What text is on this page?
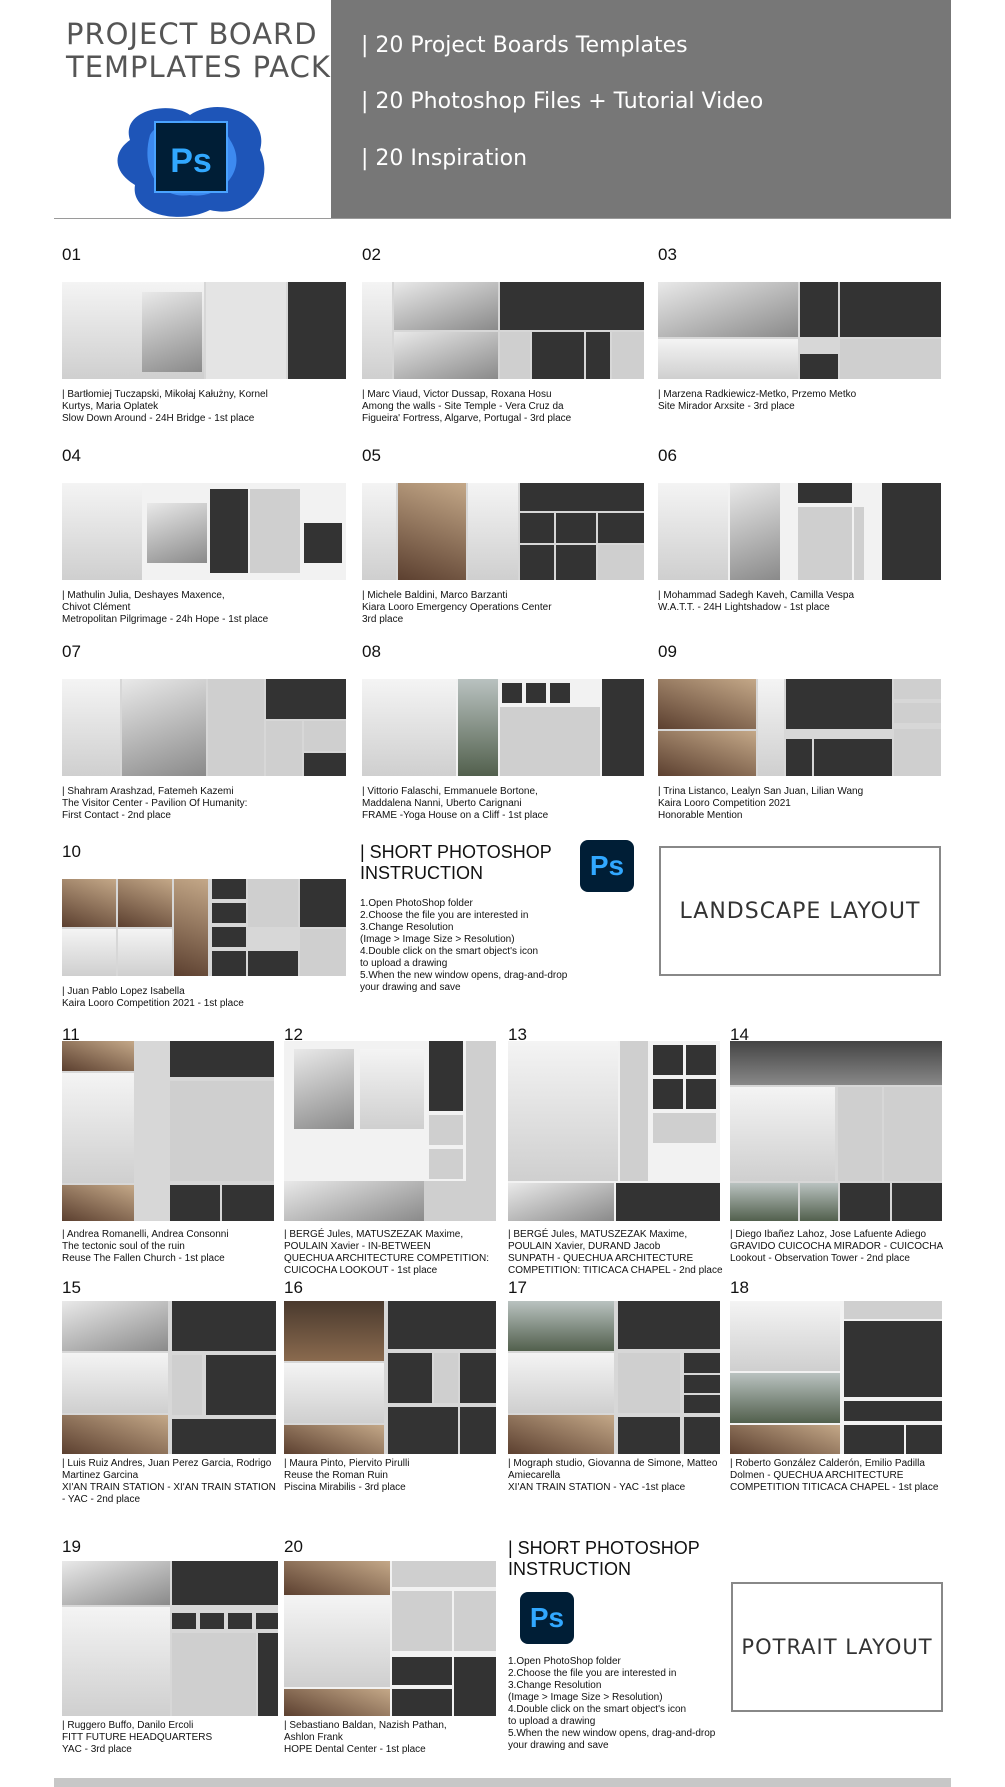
PROJECT BOARD
TEMPLATES PACK
Ps
| 20 Project Boards Templates
| 20 Photoshop Files + Tutorial Video
| 20 Inspiration
01
| Bartłomiej Tuczapski, Mikołaj Kałużny, Kornel
Kurtys, Maria Oplatek
Slow Down Around - 24H Bridge - 1st place
02
| Marc Viaud, Victor Dussap, Roxana Hosu
Among the walls - Site Temple - Vera Cruz da
Figueira' Fortress, Algarve, Portugal - 3rd place
03
| Marzena Radkiewicz-Metko, Przemo Metko
Site Mirador Arxsite - 3rd place
04
| Mathulin Julia, Deshayes Maxence,
Chivot Clément
Metropolitan Pilgrimage - 24h Hope - 1st place
05
| Michele Baldini, Marco Barzanti
Kiara Looro Emergency Operations Center
3rd place
06
| Mohammad Sadegh Kaveh, Camilla Vespa
W.A.T.T. - 24H Lightshadow - 1st place
07
| Shahram Arashzad, Fatemeh Kazemi
The Visitor Center - Pavilion Of Humanity:
First Contact - 2nd place
08
| Vittorio Falaschi, Emmanuele Bortone,
Maddalena Nanni, Uberto Carignani
FRAME -Yoga House on a Cliff - 1st place
09
| Trina Listanco, Lealyn San Juan, Lilian Wang
Kaira Looro Competition 2021
Honorable Mention
10
| Juan Pablo Lopez Isabella
Kaira Looro Competition 2021 - 1st place
| SHORT PHOTOSHOP
INSTRUCTION	Ps
1.Open PhotoShop folder
2.Choose the file you are interested in
3.Change Resolution
(Image > Image Size > Resolution)
4.Double click on the smart object's icon
to upload a drawing
5.When the new window opens, drag-and-drop
your drawing and save
LANDSCAPE LAYOUT
11
| Andrea Romanelli, Andrea Consonni
The tectonic soul of the ruin
Reuse The Fallen Church - 1st place
12
| BERGÉ Jules, MATUSZEZAK Maxime,
POULAIN Xavier - IN-BETWEEN
QUECHUA ARCHITECTURE COMPETITION:
CUICOCHA LOOKOUT - 1st place
13
| BERGÉ Jules, MATUSZEZAK Maxime,
POULAIN Xavier, DURAND Jacob
SUNPATH - QUECHUA ARCHITECTURE
COMPETITION: TITICACA CHAPEL - 2nd place
14
| Diego Ibañez Lahoz, Jose Lafuente Adiego
GRAVIDO CUICOCHA MIRADOR - CUICOCHA
Lookout - Observation Tower - 2nd place
15
| Luis Ruiz Andres, Juan Perez Garcia, Rodrigo
Martinez Garcina
XI'AN TRAIN STATION - XI'AN TRAIN STATION
- YAC - 2nd place
16
| Maura Pinto, Piervito Pirulli
Reuse the Roman Ruin
Piscina Mirabilis - 3rd place
17
| Mograph studio, Giovanna de Simone, Matteo
Amiecarella
XI'AN TRAIN STATION - YAC -1st place
18
| Roberto González Calderón, Emilio Padilla
Dolmen - QUECHUA ARCHITECTURE
COMPETITION TITICACA CHAPEL - 1st place
19
| Ruggero Buffo, Danilo Ercoli
FITT FUTURE HEADQUARTERS
YAC - 3rd place
20
| Sebastiano Baldan, Nazish Pathan,
Ashlon Frank
HOPE Dental Center - 1st place
| SHORT PHOTOSHOP
INSTRUCTION
Ps
1.Open PhotoShop folder
2.Choose the file you are interested in
3.Change Resolution
(Image > Image Size > Resolution)
4.Double click on the smart object's icon
to upload a drawing
5.When the new window opens, drag-and-drop
your drawing and save
POTRAIT LAYOUT
